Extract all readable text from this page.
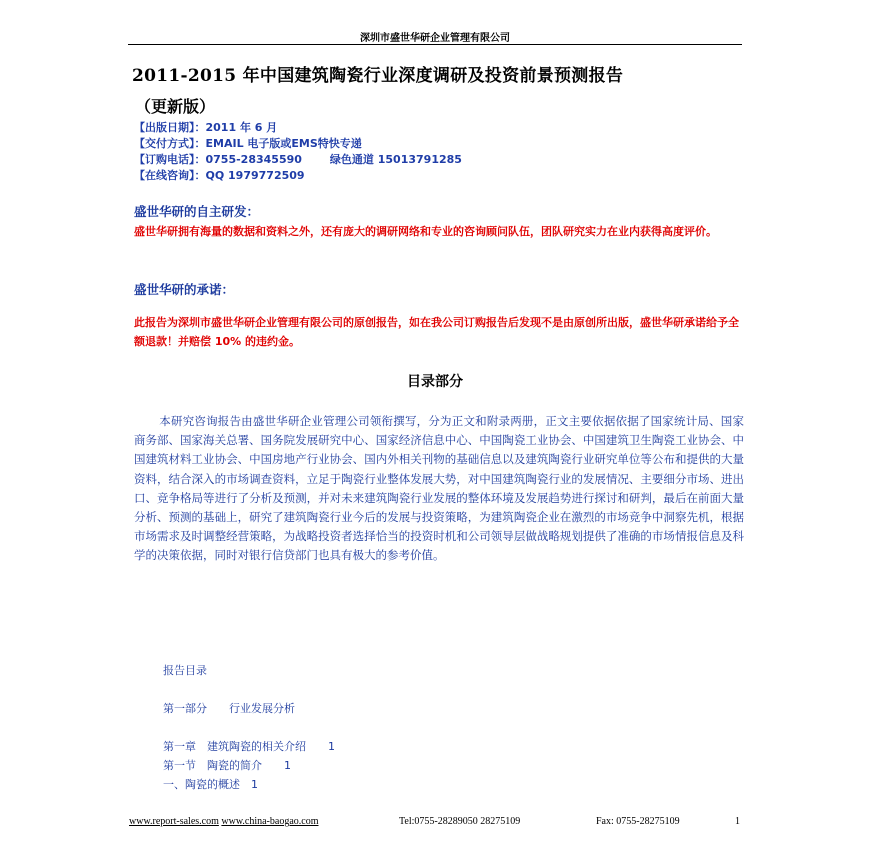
深圳市盛世华研企业管理有限公司
2011-2015 年中国建筑陶瓷行业深度调研及投资前景预测报告
（更新版）
【出版日期】：2011 年 6 月
【交付方式】：EMAIL 电子版或EMS特快专递
【订购电话】：0755-28345590	绿色通道 15013791285
【在线咨询】：QQ 1979772509
盛世华研的自主研发：
盛世华研拥有海量的数据和资料之外，还有庞大的调研网络和专业的咨询顾问队伍，团队研究实力在业内获得高度评价。
盛世华研的承诺：
此报告为深圳市盛世华研企业管理有限公司的原创报告，如在我公司订购报告后发现不是由原创所出版，盛世华研承诺给予全额退款！并赔偿 10% 的违约金。
目录部分
本研究咨询报告由盛世华研企业管理公司领衔撰写，分为正文和附录两册，正文主要依据依据了国家统计局、国家商务部、国家海关总署、国务院发展研究中心、国家经济信息中心、中国陶瓷工业协会、中国建筑卫生陶瓷工业协会、中国建筑材料工业协会、中国房地产行业协会、国内外相关刊物的基础信息以及建筑陶瓷行业研究单位等公布和提供的大量资料，结合深入的市场调查资料，立足于陶瓷行业整体发展大势，对中国建筑陶瓷行业的发展情况、主要细分市场、进出口、竞争格局等进行了分析及预测，并对未来建筑陶瓷行业发展的整体环境及发展趋势进行探讨和研判，最后在前面大量分析、预测的基础上，研究了建筑陶瓷行业今后的发展与投资策略，为建筑陶瓷企业在激烈的市场竞争中洞察先机，根据市场需求及时调整经营策略，为战略投资者选择恰当的投资时机和公司领导层做战略规划提供了准确的市场情报信息及科学的决策依据，同时对银行信贷部门也具有极大的参考价值。
报告目录
第一部分　　行业发展分析
第一章　建筑陶瓷的相关介绍　　1
第一节　陶瓷的简介　　1
一、陶瓷的概述　1
www.report-sales.com www.china-baogao.com	Tel:0755-28289050 28275109	Fax: 0755-28275109	1
